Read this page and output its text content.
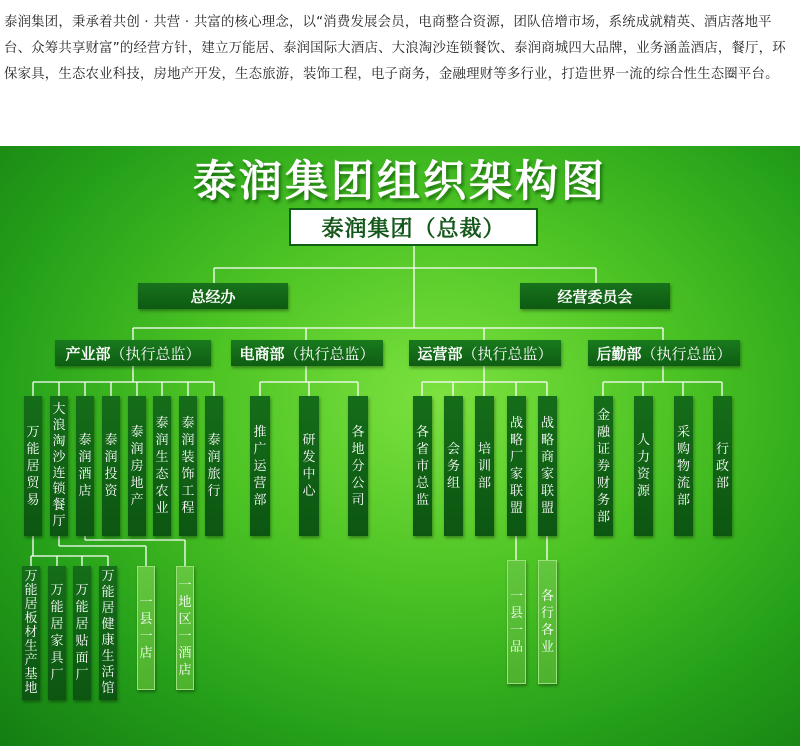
泰润集团，秉承着共创 · 共营 · 共富的核心理念，以“消费发展会员，电商整合资源，团队倍增市场，系统成就精英、酒店落地平台、众筹共享财富”的经营方针，建立万能居、泰润国际大酒店、大浪淘沙连锁餐饮、泰润商城四大品牌，业务涵盖酒店，餐厅，环保家具，生态农业科技，房地产开发，生态旅游，装饰工程，电子商务，金融理财等多行业，打造世界一流的综合性生态圈平台。
泰润集团组织架构图
泰润集团（总裁）
总经办	经营委员会
产业部 （执行总监）	电商部 （执行总监）	运营部 （执行总监）	后勤部 （执行总监）
万
能
居
贸
易
大
浪
淘
沙
连
锁
餐
厅
泰
润
酒
店
泰
润
投
资
泰
润
房
地
产
泰
润
生
态
农
业
泰
润
装
饰
工
程
泰
润
旅
行
推
广
运
营
部
研
发
中
心
各
地
分
公
司
各
省
市
总
监
会
务
组
培
训
部
战
略
厂
家
联
盟
战
略
商
家
联
盟
金
融
证
券
财
务
部
人
力
资
源
采
购
物
流
部
行
政
部
万
能
居
板
材
生
产
基
地
万
能
居
家
具
厂
万
能
居
贴
面
厂
万
能
居
健
康
生
活
馆
一
县
一
店
一
地
区
一
酒
店
一
县
一
品
各
行
各
业
